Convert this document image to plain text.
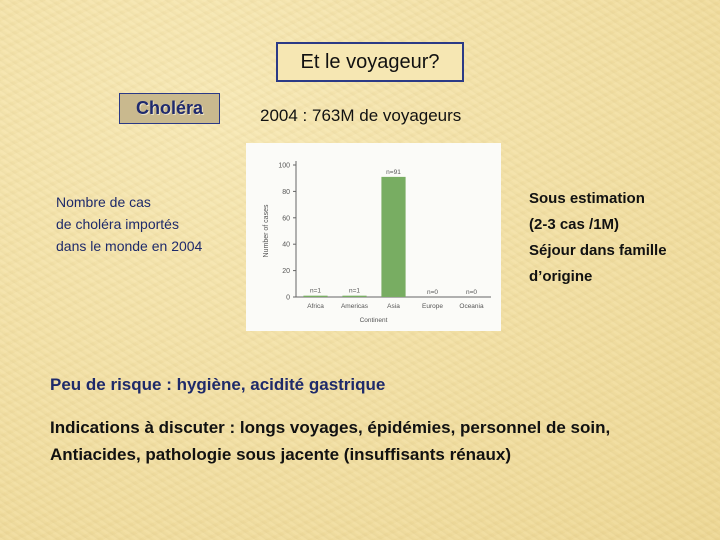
Et le voyageur?
Choléra	2004 : 763M de voyageurs
Nombre de cas
de choléra importés
dans le monde en 2004
0
20
40
60
80
100
Number of cases
n=1
Africa
n=1
Americas
n=91
Asia
n=0
Europe
n=0
Oceania
Continent
Sous estimation
(2-3 cas /1M)
Séjour dans famille
d’origine
Peu de risque : hygiène, acidité gastrique
Indications à discuter : longs voyages, épidémies, personnel de soin,
Antiacides, pathologie sous jacente (insuffisants rénaux)
